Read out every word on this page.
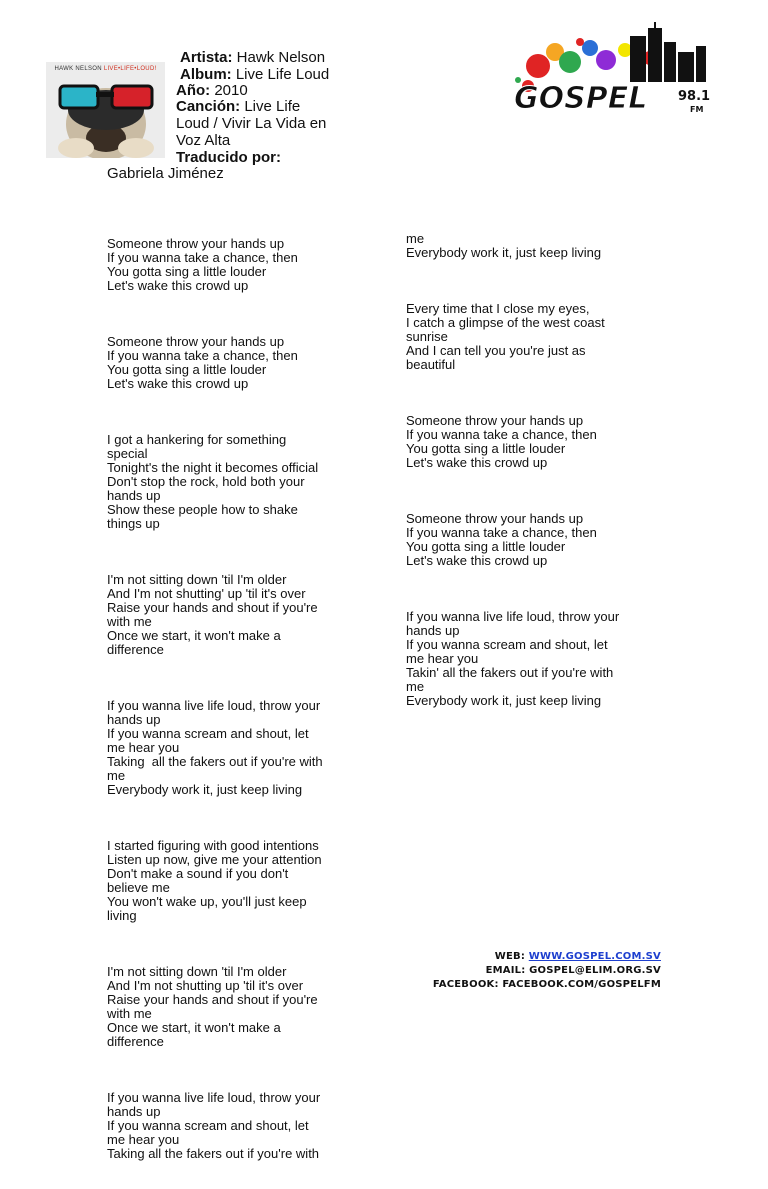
HAWK NELSON LIVE•LIFE•LOUD!
Artista: Hawk Nelson
Album: Live Life Loud
Año: 2010
Canción: Live Life
Loud / Vivir La Vida en
Voz Alta
Traducido por:
Gabriela Jiménez
GOSPEL 98.1
FM

Someone throw your hands up
If you wanna take a chance, then
You gotta sing a little louder
Let's wake this crowd up

Someone throw your hands up
If you wanna take a chance, then
You gotta sing a little louder
Let's wake this crowd up

I got a hankering for something
special
Tonight's the night it becomes official
Don't stop the rock, hold both your
hands up
Show these people how to shake
things up

I'm not sitting down 'til I'm older
And I'm not shutting' up 'til it's over
Raise your hands and shout if you're
with me
Once we start, it won't make a
difference

If you wanna live life loud, throw your
hands up
If you wanna scream and shout, let
me hear you
Taking  all the fakers out if you're with
me
Everybody work it, just keep living

I started figuring with good intentions
Listen up now, give me your attention
Don't make a sound if you don't
believe me
You won't wake up, you'll just keep
living

I'm not sitting down 'til I'm older
And I'm not shutting up 'til it's over
Raise your hands and shout if you're
with me
Once we start, it won't make a
difference

If you wanna live life loud, throw your
hands up
If you wanna scream and shout, let
me hear you
Taking all the fakers out if you're with

me
Everybody work it, just keep living

Every time that I close my eyes,
I catch a glimpse of the west coast
sunrise
And I can tell you you're just as
beautiful

Someone throw your hands up
If you wanna take a chance, then
You gotta sing a little louder
Let's wake this crowd up

Someone throw your hands up
If you wanna take a chance, then
You gotta sing a little louder
Let's wake this crowd up

If you wanna live life loud, throw your
hands up
If you wanna scream and shout, let
me hear you
Takin' all the fakers out if you're with
me
Everybody work it, just keep living

WEB: WWW.GOSPEL.COM.SV
EMAIL: GOSPEL@ELIM.ORG.SV
FACEBOOK: FACEBOOK.COM/GOSPELFM
